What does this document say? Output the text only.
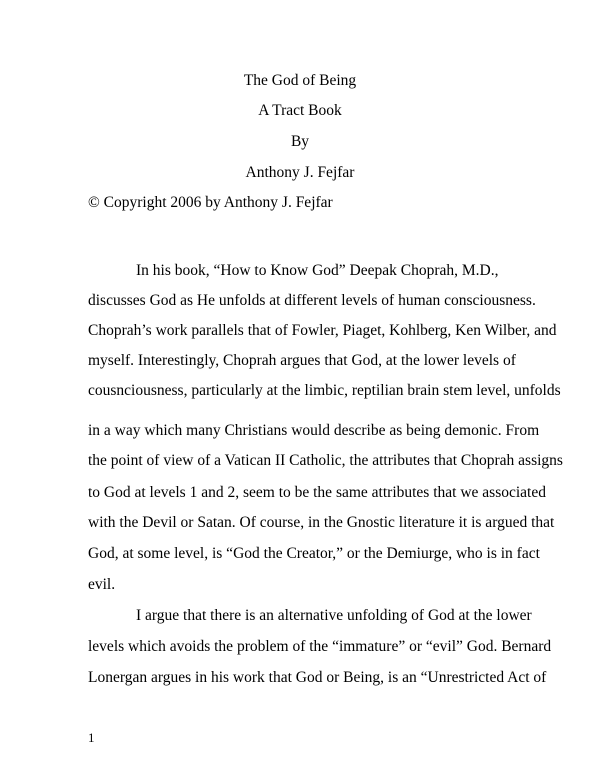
The God of Being
A Tract Book
By
Anthony J. Fejfar
© Copyright 2006 by Anthony J. Fejfar
In his book, “How to Know God” Deepak Choprah, M.D.,
discusses God as He unfolds at different levels of human consciousness.
Choprah’s work parallels that of Fowler, Piaget, Kohlberg, Ken Wilber, and
myself. Interestingly, Choprah argues that God, at the lower levels of
cousnciousness, particularly at the limbic, reptilian brain stem level, unfolds
in a way which many Christians would describe as being demonic. From
the point of view of a Vatican II Catholic, the attributes that Choprah assigns
to God at levels 1 and 2, seem to be the same attributes that we associated
with the Devil or Satan. Of course, in the Gnostic literature it is argued that
God, at some level, is “God the Creator,” or the Demiurge, who is in fact
evil.
I argue that there is an alternative unfolding of God at the lower
levels which avoids the problem of the “immature” or “evil” God. Bernard
Lonergan argues in his work that God or Being, is an “Unrestricted Act of
1
